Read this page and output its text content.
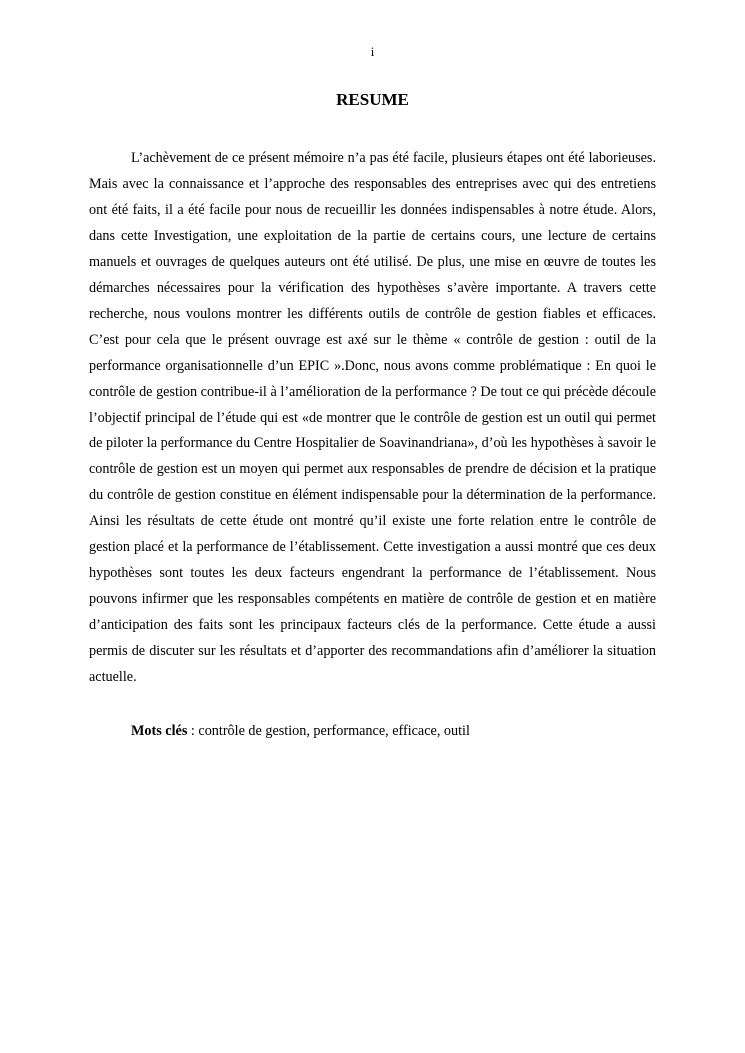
i
RESUME

L’achèvement de ce présent mémoire n’a pas été facile, plusieurs étapes ont été laborieuses. Mais avec la connaissance et l’approche des responsables des entreprises avec qui des entretiens ont été faits, il a été facile pour nous de recueillir les données indispensables à notre étude. Alors, dans cette Investigation, une exploitation de la partie de certains cours, une lecture de certains manuels et ouvrages de quelques auteurs ont été utilisé. De plus, une mise en œuvre de toutes les démarches nécessaires pour la vérification des hypothèses s’avère importante. A travers cette recherche, nous voulons montrer les différents outils de contrôle de gestion fiables et efficaces. C’est pour cela que le présent ouvrage est axé sur le thème « contrôle de gestion : outil de la performance organisationnelle d’un EPIC ».Donc, nous avons comme problématique : En quoi le contrôle de gestion contribue-il à l’amélioration de la performance ? De tout ce qui précède découle l’objectif principal de l’étude qui est «de montrer que le contrôle de gestion est un outil qui permet de piloter la performance du Centre Hospitalier de Soavinandriana», d’où les hypothèses à savoir le contrôle de gestion est un moyen qui permet aux responsables de prendre de décision et la pratique du contrôle de gestion constitue en élément indispensable pour la détermination de la performance. Ainsi les résultats de cette étude ont montré qu’il existe une forte relation entre le contrôle de gestion placé et la performance de l’établissement. Cette investigation a aussi montré que ces deux hypothèses sont toutes les deux facteurs engendrant la performance de l’établissement. Nous pouvons infirmer que les responsables compétents en matière de contrôle de gestion et en matière d’anticipation des faits sont les principaux facteurs clés de la performance. Cette étude a aussi permis de discuter sur les résultats et d’apporter des recommandations afin d’améliorer la situation actuelle.

Mots clés : contrôle de gestion, performance, efficace, outil
